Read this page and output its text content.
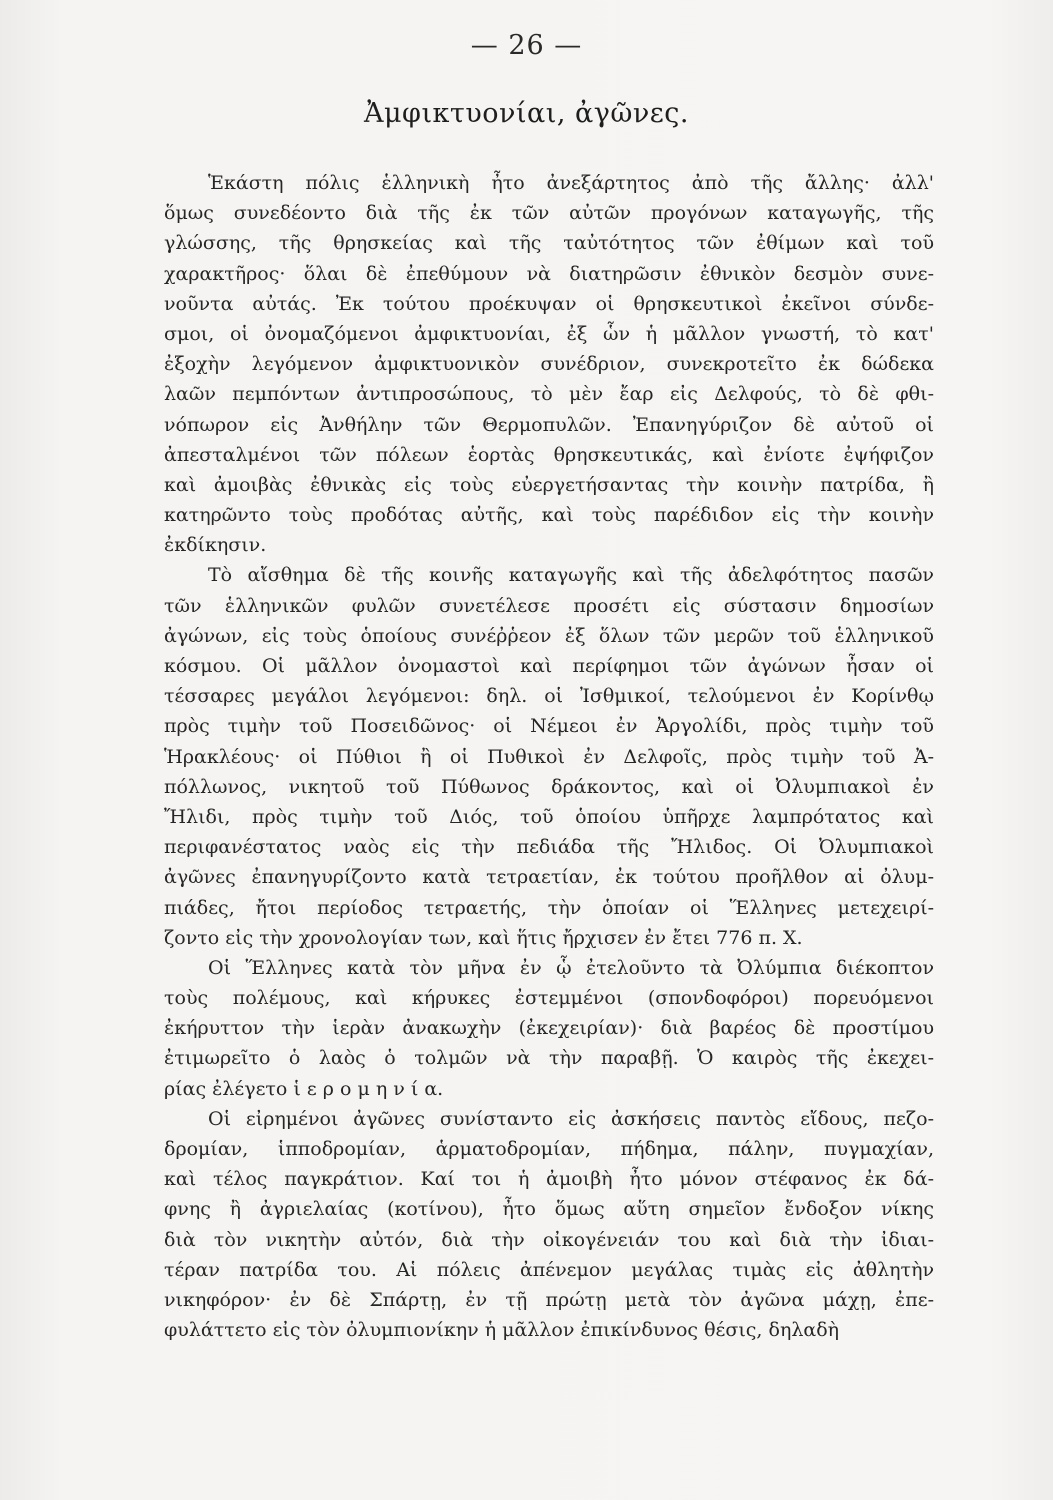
— 26 —
Ἀμφικτυονίαι, ἀγῶνες.
Ἑκάστη πόλις ἑλληνικὴ ἦτο ἀνεξάρτητος ἀπὸ τῆς ἄλλης· ἀλλ'
ὅμως συνεδέοντο διὰ τῆς ἐκ τῶν αὐτῶν προγόνων καταγωγῆς, τῆς
γλώσσης, τῆς θρησκείας καὶ τῆς ταὐτότητος τῶν ἐθίμων καὶ τοῦ
χαρακτῆρος· ὅλαι δὲ ἐπεθύμουν νὰ διατηρῶσιν ἐθνικὸν δεσμὸν συνε-
νοῦντα αὐτάς. Ἐκ τούτου προέκυψαν οἱ θρησκευτικοὶ ἐκεῖνοι σύνδε-
σμοι, οἱ ὀνομαζόμενοι ἀμφικτυονίαι, ἐξ ὧν ἡ μᾶλλον γνωστή, τὸ κατ'
ἐξοχὴν λεγόμενον ἀμφικτυονικὸν συνέδριον, συνεκροτεῖτο ἐκ δώδεκα
λαῶν πεμπόντων ἀντιπροσώπους, τὸ μὲν ἔαρ εἰς Δελφούς, τὸ δὲ φθι-
νόπωρον εἰς Ἀνθήλην τῶν Θερμοπυλῶν. Ἐπανηγύριζον δὲ αὐτοῦ οἱ
ἀπεσταλμένοι τῶν πόλεων ἑορτὰς θρησκευτικάς, καὶ ἐνίοτε ἐψήφιζον
καὶ ἀμοιβὰς ἐθνικὰς εἰς τοὺς εὐεργετήσαντας τὴν κοινὴν πατρίδα, ἢ
κατηρῶντο τοὺς προδότας αὐτῆς, καὶ τοὺς παρέδιδον εἰς τὴν κοινὴν
ἐκδίκησιν.
Τὸ αἴσθημα δὲ τῆς κοινῆς καταγωγῆς καὶ τῆς ἀδελφότητος πασῶν
τῶν ἑλληνικῶν φυλῶν συνετέλεσε προσέτι εἰς σύστασιν δημοσίων
ἀγώνων, εἰς τοὺς ὁποίους συνέῤῥεον ἐξ ὅλων τῶν μερῶν τοῦ ἑλληνικοῦ
κόσμου. Οἱ μᾶλλον ὀνομαστοὶ καὶ περίφημοι τῶν ἀγώνων ἦσαν οἱ
τέσσαρες μεγάλοι λεγόμενοι: δηλ. οἱ Ἰσθμικοί, τελούμενοι ἐν Κορίνθῳ
πρὸς τιμὴν τοῦ Ποσειδῶνος· οἱ Νέμεοι ἐν Ἀργολίδι, πρὸς τιμὴν τοῦ
Ἡρακλέους· οἱ Πύθιοι ἢ οἱ Πυθικοὶ ἐν Δελφοῖς, πρὸς τιμὴν τοῦ Ἀ-
πόλλωνος, νικητοῦ τοῦ Πύθωνος δράκοντος, καὶ οἱ Ὀλυμπιακοὶ ἐν
Ἤλιδι, πρὸς τιμὴν τοῦ Διός, τοῦ ὁποίου ὑπῆρχε λαμπρότατος καὶ
περιφανέστατος ναὸς εἰς τὴν πεδιάδα τῆς Ἤλιδος. Οἱ Ὀλυμπιακοὶ
ἀγῶνες ἐπανηγυρίζοντο κατὰ τετραετίαν, ἐκ τούτου προῆλθον αἱ ὀλυμ-
πιάδες, ἤτοι περίοδος τετραετής, τὴν ὁποίαν οἱ Ἕλληνες μετεχειρί-
ζοντο εἰς τὴν χρονολογίαν των, καὶ ἥτις ἤρχισεν ἐν ἔτει 776 π. Χ.
Οἱ Ἕλληνες κατὰ τὸν μῆνα ἐν ᾧ ἐτελοῦντο τὰ Ὀλύμπια διέκοπτον
τοὺς πολέμους, καὶ κήρυκες ἐστεμμένοι (σπονδοφόροι) πορευόμενοι
ἐκήρυττον τὴν ἱερὰν ἀνακωχὴν (ἐκεχειρίαν)· διὰ βαρέος δὲ προστίμου
ἐτιμωρεῖτο ὁ λαὸς ὁ τολμῶν νὰ τὴν παραβῇ. Ὁ καιρὸς τῆς ἐκεχει-
ρίας ἐλέγετο ἱ ε ρ ο μ η ν ί α.
Οἱ εἰρημένοι ἀγῶνες συνίσταντο εἰς ἀσκήσεις παντὸς εἴδους, πεζο-
δρομίαν, ἱπποδρομίαν, ἁρματοδρομίαν, πήδημα, πάλην, πυγμαχίαν,
καὶ τέλος παγκράτιον. Καί τοι ἡ ἀμοιβὴ ἦτο μόνον στέφανος ἐκ δά-
φνης ἢ ἀγριελαίας (κοτίνου), ἦτο ὅμως αὕτη σημεῖον ἔνδοξον νίκης
διὰ τὸν νικητὴν αὐτόν, διὰ τὴν οἰκογένειάν του καὶ διὰ τὴν ἰδιαι-
τέραν πατρίδα του. Αἱ πόλεις ἀπένεμον μεγάλας τιμὰς εἰς ἀθλητὴν
νικηφόρον· ἐν δὲ Σπάρτῃ, ἐν τῇ πρώτῃ μετὰ τὸν ἀγῶνα μάχῃ, ἐπε-
φυλάττετο εἰς τὸν ὀλυμπιονίκην ἡ μᾶλλον ἐπικίνδυνος θέσις, δηλαδὴ
